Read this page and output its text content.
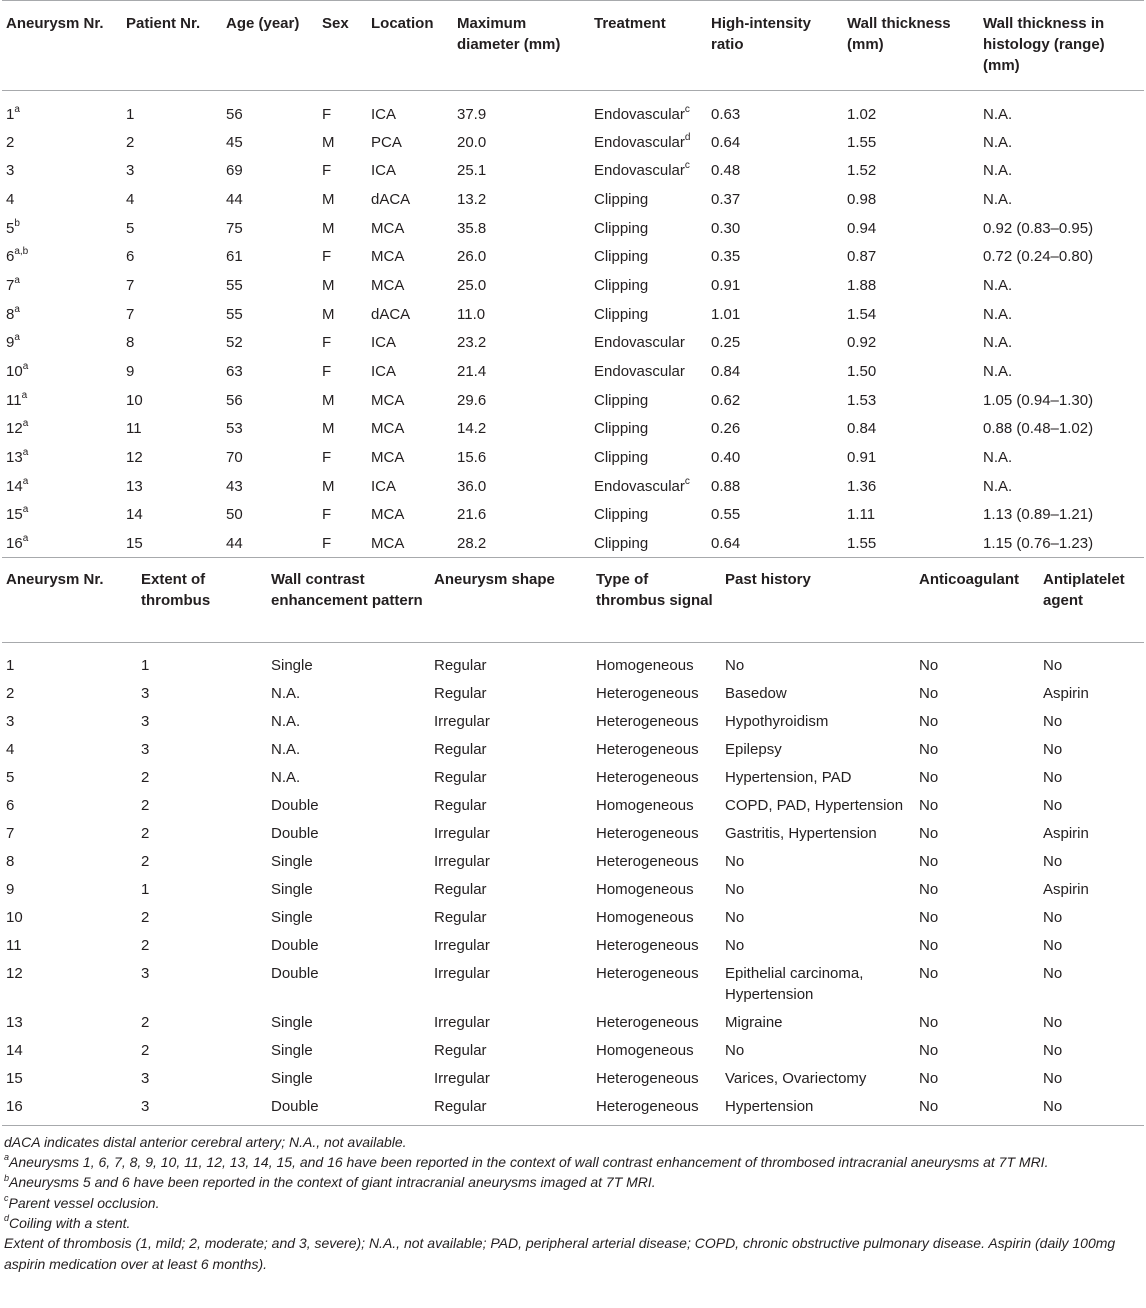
Aneurysm Nr.	Patient Nr.	Age (year)	Sex	Location	Maximum diameter (mm)	Treatment	High-intensity ratio	Wall thickness (mm)	Wall thickness in histology (range) (mm)
1$^a$	1	56	F	ICA	37.9	Endovascular$^c$	0.63	1.02	N.A.
2	2	45	M	PCA	20.0	Endovascular$^d$	0.64	1.55	N.A.
3	3	69	F	ICA	25.1	Endovascular$^c$	0.48	1.52	N.A.
4	4	44	M	dACA	13.2	Clipping	0.37	0.98	N.A.
5$^b$	5	75	M	MCA	35.8	Clipping	0.30	0.94	0.92 (0.83–0.95)
6$^{a,b}$	6	61	F	MCA	26.0	Clipping	0.35	0.87	0.72 (0.24–0.80)
7$^a$	7	55	M	MCA	25.0	Clipping	0.91	1.88	N.A.
8$^a$	7	55	M	dACA	11.0	Clipping	1.01	1.54	N.A.
9$^a$	8	52	F	ICA	23.2	Endovascular	0.25	0.92	N.A.
10$^a$	9	63	F	ICA	21.4	Endovascular	0.84	1.50	N.A.
11$^a$	10	56	M	MCA	29.6	Clipping	0.62	1.53	1.05 (0.94–1.30)
12$^a$	11	53	M	MCA	14.2	Clipping	0.26	0.84	0.88 (0.48–1.02)
13$^a$	12	70	F	MCA	15.6	Clipping	0.40	0.91	N.A.
14$^a$	13	43	M	ICA	36.0	Endovascular$^c$	0.88	1.36	N.A.
15$^a$	14	50	F	MCA	21.6	Clipping	0.55	1.11	1.13 (0.89–1.21)
16$^a$	15	44	F	MCA	28.2	Clipping	0.64	1.55	1.15 (0.76–1.23)
Aneurysm Nr.	Extent of thrombus	Wall contrast enhancement pattern	Aneurysm shape	Type of thrombus signal	Past history	Anticoagulant	Antiplatelet agent
1	1	Single	Regular	Homogeneous	No	No	No
2	3	N.A.	Regular	Heterogeneous	Basedow	No	Aspirin
3	3	N.A.	Irregular	Heterogeneous	Hypothyroidism	No	No
4	3	N.A.	Regular	Heterogeneous	Epilepsy	No	No
5	2	N.A.	Regular	Heterogeneous	Hypertension, PAD	No	No
6	2	Double	Regular	Homogeneous	COPD, PAD, Hypertension	No	No
7	2	Double	Irregular	Heterogeneous	Gastritis, Hypertension	No	Aspirin
8	2	Single	Irregular	Heterogeneous	No	No	No
9	1	Single	Regular	Homogeneous	No	No	Aspirin
10	2	Single	Regular	Homogeneous	No	No	No
11	2	Double	Irregular	Heterogeneous	No	No	No
12	3	Double	Irregular	Heterogeneous	Epithelial carcinoma, Hypertension	No	No
13	2	Single	Irregular	Heterogeneous	Migraine	No	No
14	2	Single	Regular	Homogeneous	No	No	No
15	3	Single	Irregular	Heterogeneous	Varices, Ovariectomy	No	No
16	3	Double	Regular	Heterogeneous	Hypertension	No	No
dACA indicates distal anterior cerebral artery; N.A., not available.
$^a$Aneurysms 1, 6, 7, 8, 9, 10, 11, 12, 13, 14, 15, and 16 have been reported in the context of wall contrast enhancement of thrombosed intracranial aneurysms at 7T MRI.
$^b$Aneurysms 5 and 6 have been reported in the context of giant intracranial aneurysms imaged at 7T MRI.
$^c$Parent vessel occlusion.
$^d$Coiling with a stent.
Extent of thrombosis (1, mild; 2, moderate; and 3, severe); N.A., not available; PAD, peripheral arterial disease; COPD, chronic obstructive pulmonary disease. Aspirin (daily 100mg aspirin medication over at least 6 months).
